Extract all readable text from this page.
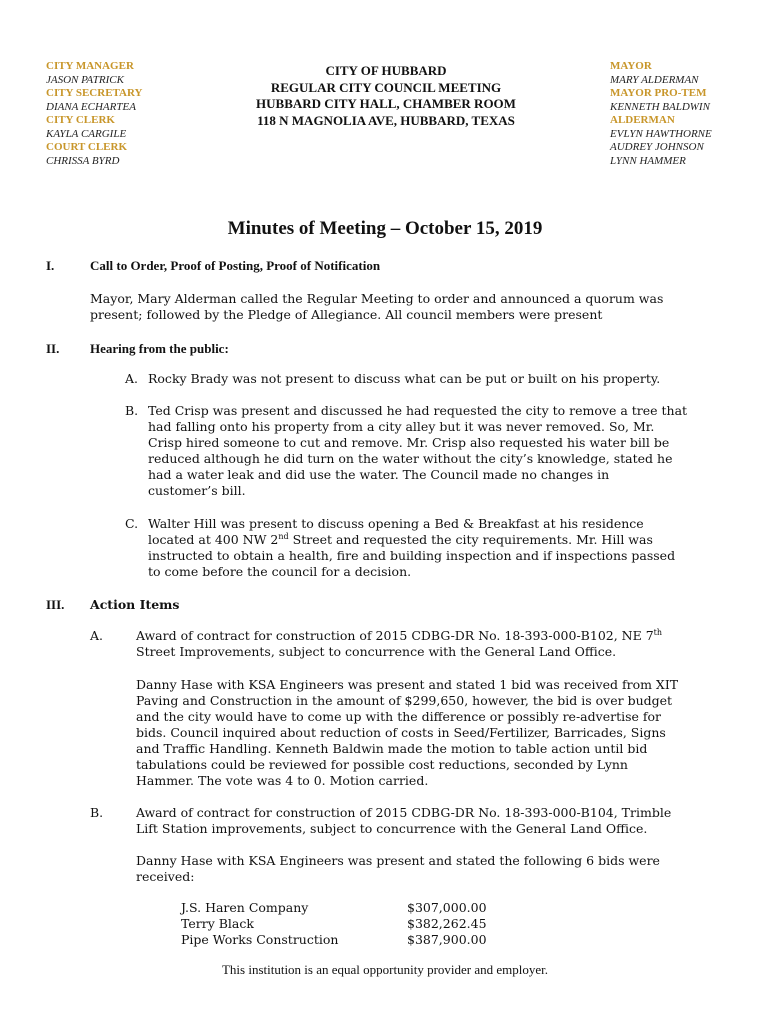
CITY MANAGER
JASON PATRICK
CITY SECRETARY
DIANA ECHARTEA
CITY CLERK
KAYLA CARGILE
COURT CLERK
CHRISSA BYRD
CITY OF HUBBARD
REGULAR CITY COUNCIL MEETING
HUBBARD CITY HALL, CHAMBER ROOM
118 N MAGNOLIA AVE, HUBBARD, TEXAS
MAYOR
MARY ALDERMAN
MAYOR PRO-TEM
KENNETH BALDWIN
ALDERMAN
EVLYN HAWTHORNE
AUDREY JOHNSON
LYNN HAMMER
Minutes of Meeting – October 15, 2019
I.	Call to Order, Proof of Posting, Proof of Notification
Mayor, Mary Alderman called the Regular Meeting to order and announced a quorum was
present; followed by the Pledge of Allegiance. All council members were present
II. Hearing from the public:
A. Rocky Brady was not present to discuss what can be put or built on his property.
B. Ted Crisp was present and discussed he had requested the city to remove a tree that
had falling onto his property from a city alley but it was never removed. So, Mr.
Crisp hired someone to cut and remove. Mr. Crisp also requested his water bill be
reduced although he did turn on the water without the city’s knowledge, stated he
had a water leak and did use the water. The Council made no changes in
customer’s bill.
C. Walter Hill was present to discuss opening a Bed & Breakfast at his residence
located at 400 NW 2nd Street and requested the city requirements. Mr. Hill was
instructed to obtain a health, fire and building inspection and if inspections passed
to come before the council for a decision.
III. Action Items
A.	Award of contract for construction of 2015 CDBG-DR No. 18-393-000-B102, NE 7th
Street Improvements, subject to concurrence with the General Land Office.
Danny Hase with KSA Engineers was present and stated 1 bid was received from XIT
Paving and Construction in the amount of $299,650, however, the bid is over budget
and the city would have to come up with the difference or possibly re-advertise for
bids. Council inquired about reduction of costs in Seed/Fertilizer, Barricades, Signs
and Traffic Handling. Kenneth Baldwin made the motion to table action until bid
tabulations could be reviewed for possible cost reductions, seconded by Lynn
Hammer. The vote was 4 to 0. Motion carried.
B.	Award of contract for construction of 2015 CDBG-DR No. 18-393-000-B104, Trimble
Lift Station improvements, subject to concurrence with the General Land Office.
Danny Hase with KSA Engineers was present and stated the following 6 bids were
received:
J.S. Haren Company	$307,000.00
Terry Black	$382,262.45
Pipe Works Construction	$387,900.00
This institution is an equal opportunity provider and employer.
